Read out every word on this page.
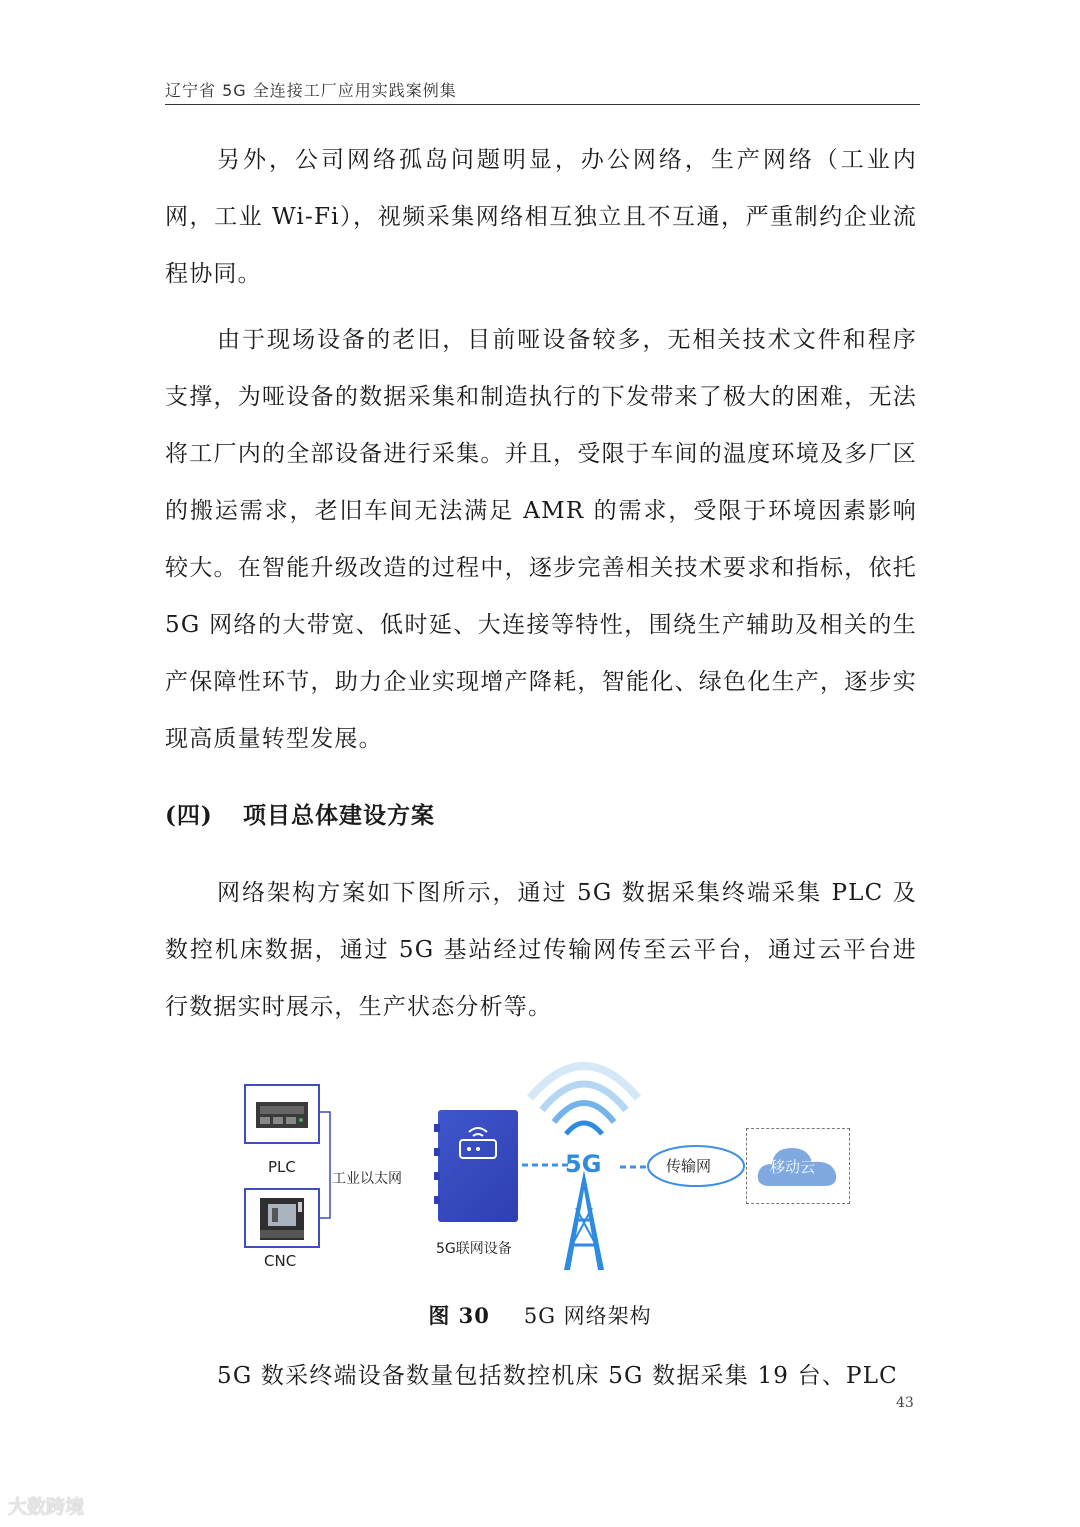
辽宁省 5G 全连接工厂应用实践案例集

另外，公司网络孤岛问题明显，办公网络，生产网络（工业内网，工业 Wi-Fi），视频采集网络相互独立且不互通，严重制约企业流程协同。

由于现场设备的老旧，目前哑设备较多，无相关技术文件和程序支撑，为哑设备的数据采集和制造执行的下发带来了极大的困难，无法将工厂内的全部设备进行采集。并且，受限于车间的温度环境及多厂区的搬运需求，老旧车间无法满足 AMR 的需求，受限于环境因素影响较大。在智能升级改造的过程中，逐步完善相关技术要求和指标，依托 5G 网络的大带宽、低时延、大连接等特性，围绕生产辅助及相关的生产保障性环节，助力企业实现增产降耗，智能化、绿色化生产，逐步实现高质量转型发展。

(四) 项目总体建设方案

网络架构方案如下图所示，通过 5G 数据采集终端采集 PLC 及数控机床数据，通过 5G 基站经过传输网传至云平台，通过云平台进行数据实时展示，生产状态分析等。

PLC
CNC
工业以太网
5G联网设备
5G	传输网	移动云
图 30 5G 网络架构

5G 数采终端设备数量包括数控机床 5G 数据采集 19 台、PLC

43
大数跨境
